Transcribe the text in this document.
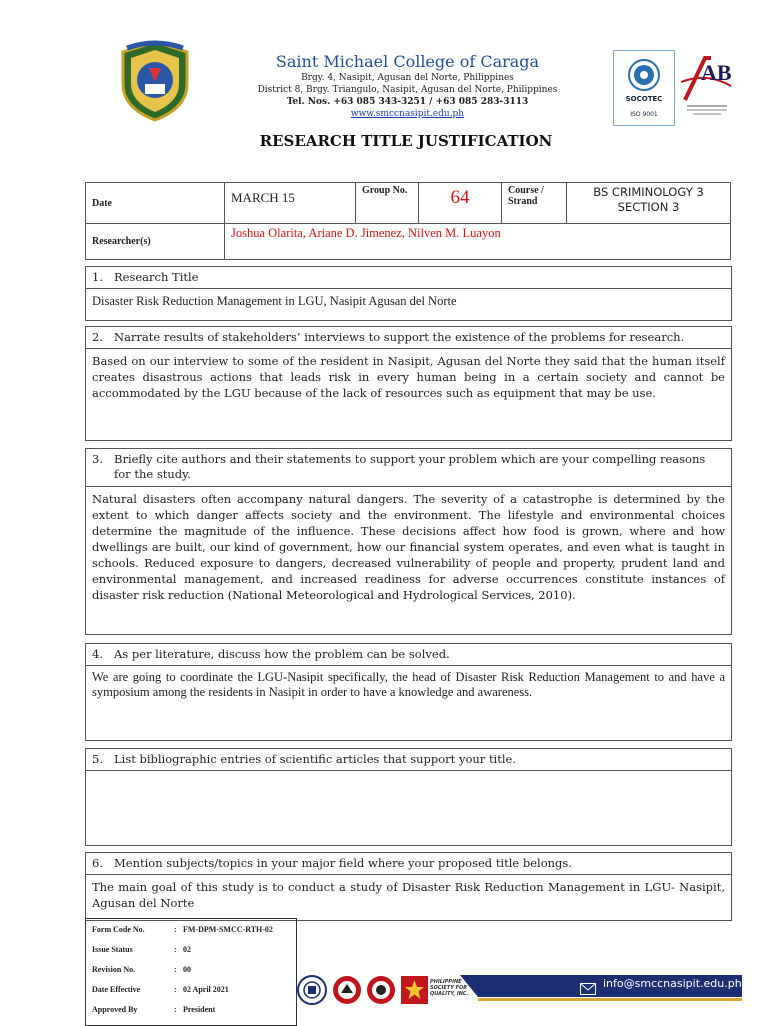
Saint Michael College of Caraga
Brgy. 4, Nasipit, Agusan del Norte, Philippines
District 8, Brgy. Triangulo, Nasipit, Agusan del Norte, Philippines
Tel. Nos. +63 085 343-3251 / +63 085 283-3113
www.smccnasipit.edu.ph
SOCOTEC
ISO 9001
AB
RESEARCH TITLE JUSTIFICATION
Date	MARCH 15	Group No.	64	Course / Strand	BS CRIMINOLOGY 3 SECTION 3
Researcher(s)	Joshua Olarita, Ariane D. Jimenez, Nilven M. Luayon				
1. Research Title
Disaster Risk Reduction Management in LGU, Nasipit Agusan del Norte
2. Narrate results of stakeholders’ interviews to support the existence of the problems for research.
Based on our interview to some of the resident in Nasipit, Agusan del Norte they said that the human itself creates disastrous actions that leads risk in every human being in a certain society and cannot be accommodated by the LGU because of the lack of resources such as equipment that may be use.
3. Briefly cite authors and their statements to support your problem which are your compelling reasons for the study.
Natural disasters often accompany natural dangers. The severity of a catastrophe is determined by the extent to which danger affects society and the environment. The lifestyle and environmental choices determine the magnitude of the influence. These decisions affect how food is grown, where and how dwellings are built, our kind of government, how our financial system operates, and even what is taught in schools. Reduced exposure to dangers, decreased vulnerability of people and property, prudent land and environmental management, and increased readiness for adverse occurrences constitute instances of disaster risk reduction (National Meteorological and Hydrological Services, 2010).
4. As per literature, discuss how the problem can be solved.
We are going to coordinate the LGU-Nasipit specifically, the head of Disaster Risk Reduction Management to and have a symposium among the residents in Nasipit in order to have a knowledge and awareness.
5. List bibliographic entries of scientific articles that support your title.
6. Mention subjects/topics in your major field where your proposed title belongs.
The main goal of this study is to conduct a study of Disaster Risk Reduction Management in LGU- Nasipit, Agusan del Norte
Form Code No.	: FM-DPM-SMCC-RTH-02
Issue Status	: 02
Revision No.	: 00
Date Effective	: 02 April 2021
Approved By	: President
PHILIPPINE SOCIETY FOR QUALITY, INC.
info@smccnasipit.edu.ph
